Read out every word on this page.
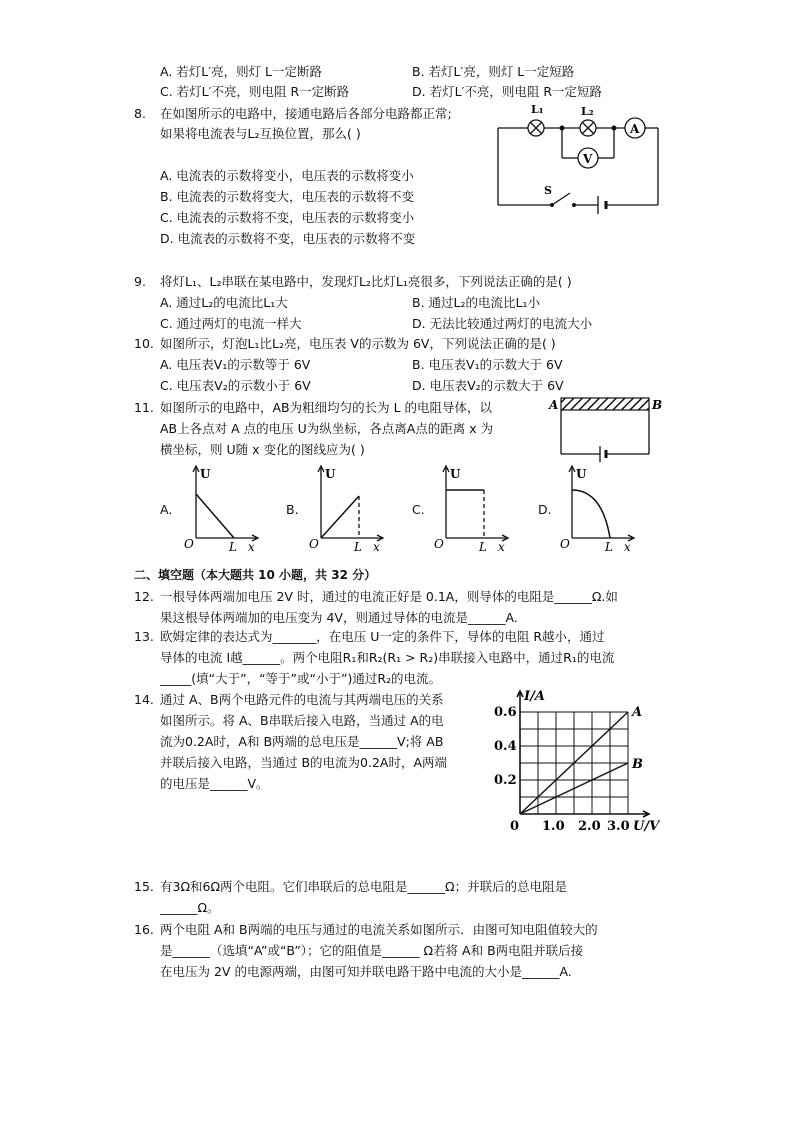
A. 若灯L′亮，则灯 L一定断路	B. 若灯L′亮，则灯 L一定短路
C. 若灯L′不亮，则电阻 R一定断路	D. 若灯L′不亮，则电阻 R一定短路
8. 在如图所示的电路中，接通电路后各部分电路都正常;
如果将电流表与L₂互换位置，那么( )
A. 电流表的示数将变小，电压表的示数将变小
B. 电流表的示数将变大，电压表的示数将不变
C. 电流表的示数将不变，电压表的示数将变小
D. 电流表的示数将不变，电压表的示数将不变
L₁	L₂
A
V
S
9. 将灯L₁、L₂串联在某电路中，发现灯L₂比灯L₁亮很多，下列说法正确的是( )
A. 通过L₂的电流比L₁大	B. 通过L₂的电流比L₁小
C. 通过两灯的电流一样大	D. 无法比较通过两灯的电流大小
10. 如图所示，灯泡L₁比L₂亮，电压表 V的示数为 6V，下列说法正确的是( )
A. 电压表V₁的示数等于 6V	B. 电压表V₁的示数大于 6V
C. 电压表V₂的示数小于 6V	D. 电压表V₂的示数大于 6V
11. 如图所示的电路中，AB为粗细均匀的长为 L 的电阻导体，以
AB上各点对 A 点的电压 U为纵坐标，各点离A点的距离 x 为
横坐标，则 U随 x 变化的图线应为( )
A	B
A.
U
O	L x
B.
U
O	L x
C.
U
O	L x
D.
U
O	L x
二、填空题（本大题共 10 小题，共 32 分）
12. 一根导体两端加电压 2V 时，通过的电流正好是 0.1A，则导体的电阻是______Ω.如
果这根导体两端加的电压变为 4V，则通过导体的电流是______A.
13. 欧姆定律的表达式为_______，在电压 U一定的条件下，导体的电阻 R越小，通过
导体的电流 I越______。两个电阻R₁和R₂(R₁ > R₂)串联接入电路中，通过R₁的电流
_____(填“大于”，“等于”或“小于”)通过R₂的电流。
14. 通过 A、B两个电路元件的电流与其两端电压的关系
如图所示。将 A、B串联后接入电路，当通过 A的电
流为0.2A时，A和 B两端的总电压是______V;将 AB
并联后接入电路，当通过 B的电流为0.2A时，A两端
的电压是______V。
I/A
0.6
0.4
0.2
0 1.0 2.0 3.0 U/V
A
B
15. 有3Ω和6Ω两个电阻。它们串联后的总电阻是______Ω；并联后的总电阻是
______Ω。
16. 两个电阻 A和 B两端的电压与通过的电流关系如图所示．由图可知电阻值较大的
是______（选填“A”或“B”）；它的阻值是______ Ω若将 A和 B两电阻并联后接
在电压为 2V 的电源两端，由图可知并联电路干路中电流的大小是______A.
